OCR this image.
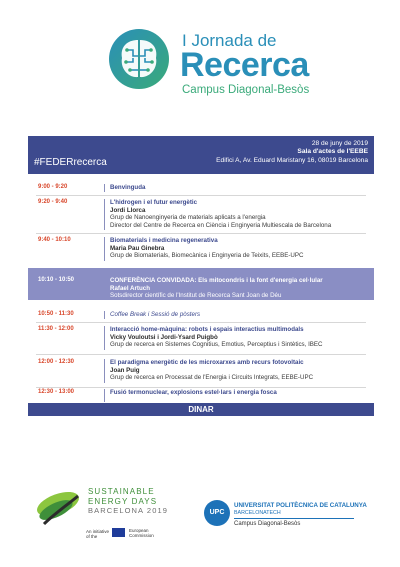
I Jornada de
Recerca
Campus Diagonal-Besòs
#FEDERrecerca
28 de juny de 2019
Sala d'actes de l'EEBE
Edifici A, Av. Eduard Maristany 16, 08019 Barcelona
9:00 - 9:20	Benvinguda
9:20 - 9:40	L'hidrogen i el futur energètic
Jordi Llorca
Grup de Nanoenginyeria de materials aplicats a l'energia
Director del Centre de Recerca en Ciència i Enginyeria Multiescala de Barcelona
9:40 - 10:10	Biomaterials i medicina regenerativa
Maria Pau Ginebra
Grup de Biomaterials, Biomecànica i Enginyeria de Teixits, EEBE-UPC
10:10 - 10:50	CONFERÈNCIA CONVIDADA: Els mitocondris i la font d'energia cel·lular
Rafael Artuch
Sotsdirector científic de l'Institut de Recerca Sant Joan de Déu
10:50 - 11:30	Coffee Break i Sessió de pòsters
11:30 - 12:00	Interacció home-màquina: robots i espais interactius multimodals
Vicky Vouloutsi i Jordi-Ysard Puigbò
Grup de recerca en Sistemes Cognitius, Emotius, Perceptius i Sintètics, IBEC
12:00 - 12:30	El paradigma energètic de les microxarxes amb recurs fotovoltaic
Joan Puig
Grup de recerca en Processat de l'Energia i Circuits Integrats, EEBE-UPC
12:30 - 13:00	Fusió termonuclear, explosions estel·lars i energia fosca
DINAR
SUSTAINABLE
ENERGY DAYS
BARCELONA 2019
An initiative of the
European Commission
UPC
UNIVERSITAT POLITÈCNICA DE CATALUNYA
BARCELONATECH
Campus Diagonal-Besòs
